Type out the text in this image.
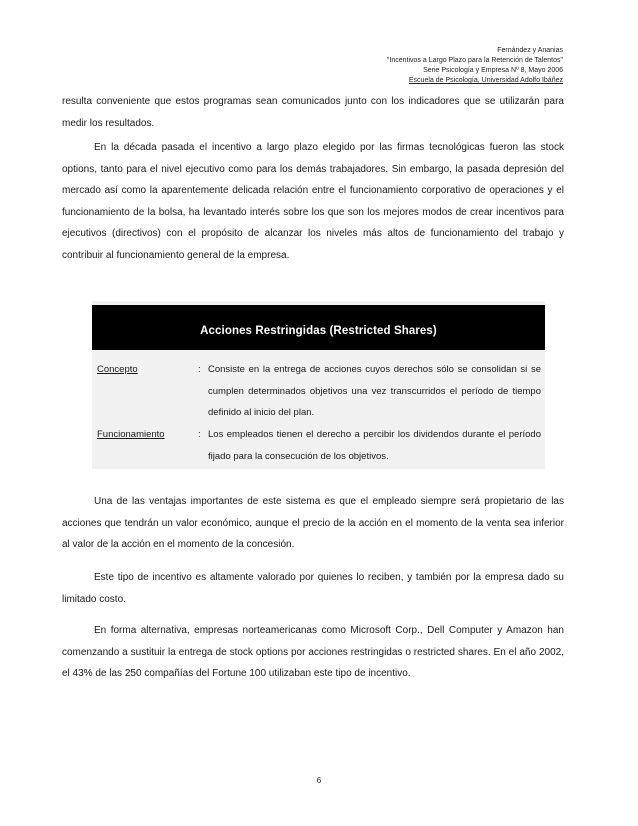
Fernández y Ananias
"Incentivos a Largo Plazo para la Retención de Talentos"
Serie Psicología y Empresa Nº 8, Mayo 2006
Escuela de Psicología, Universidad Adolfo Ibáñez

resulta conveniente que estos programas sean comunicados junto con los indicadores que se utilizarán para medir los resultados.

En la década pasada el incentivo a largo plazo elegido por las firmas tecnológicas fueron las stock options, tanto para el nivel ejecutivo como para los demás trabajadores. Sin embargo, la pasada depresión del mercado así como la aparentemente delicada relación entre el funcionamiento corporativo de operaciones y el funcionamiento de la bolsa, ha levantado interés sobre los que son los mejores modos de crear incentivos para ejecutivos (directivos) con el propósito de alcanzar los niveles más altos de funcionamiento del trabajo y contribuir al funcionamiento general de la empresa.

Acciones Restringidas (Restricted Shares)
Concepto	: Consiste en la entrega de acciones cuyos derechos sólo se consolidan si se cumplen determinados objetivos una vez transcurridos el período de tiempo definido al inicio del plan.
Funcionamiento	: Los empleados tienen el derecho a percibir los dividendos durante el período fijado para la consecución de los objetivos.

Una de las ventajas importantes de este sistema es que el empleado siempre será propietario de las acciones que tendrán un valor económico, aunque el precio de la acción en el momento de la venta sea inferior al valor de la acción en el momento de la concesión.

Este tipo de incentivo es altamente valorado por quienes lo reciben, y también por la empresa dado su limitado costo.

En forma alternativa, empresas norteamericanas como Microsoft Corp., Dell Computer y Amazon han comenzando a sustituir la entrega de stock options por acciones restringidas o restricted shares. En el año 2002, el 43% de las 250 compañías del Fortune 100 utilizaban este tipo de incentivo.

6
